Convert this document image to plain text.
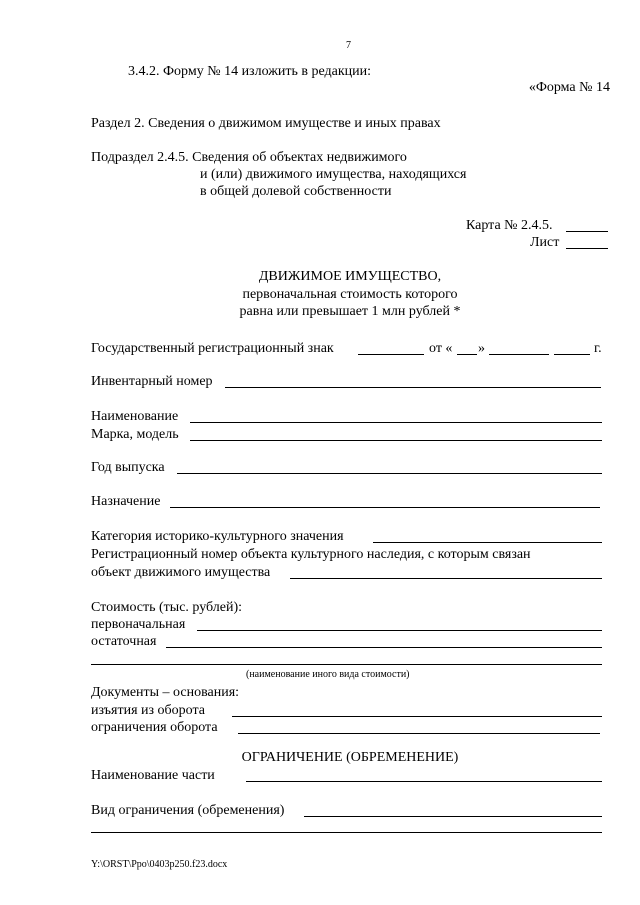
7
3.4.2. Форму № 14 изложить в редакции:
«Форма № 14
Раздел 2. Сведения о движимом имуществе и иных правах
Подраздел 2.4.5. Сведения об объектах недвижимого
и (или) движимого имущества, находящихся
в общей долевой собственности
Карта № 2.4.5.
Лист
ДВИЖИМОЕ ИМУЩЕСТВО,
первоначальная стоимость которого
равна или превышает 1 млн рублей *
Государственный регистрационный знак	от « »	г.
Инвентарный номер
Наименование
Марка, модель
Год выпуска
Назначение
Категория историко-культурного значения
Регистрационный номер объекта культурного наследия, с которым связан
объект движимого имущества
Стоимость (тыс. рублей):
первоначальная
остаточная
(наименование иного вида стоимости)
Документы – основания:
изъятия из оборота
ограничения оборота
ОГРАНИЧЕНИЕ (ОБРЕМЕНЕНИЕ)
Наименование части
Вид ограничения (обременения)
Y:\ORST\Ppo\0403p250.f23.docx
